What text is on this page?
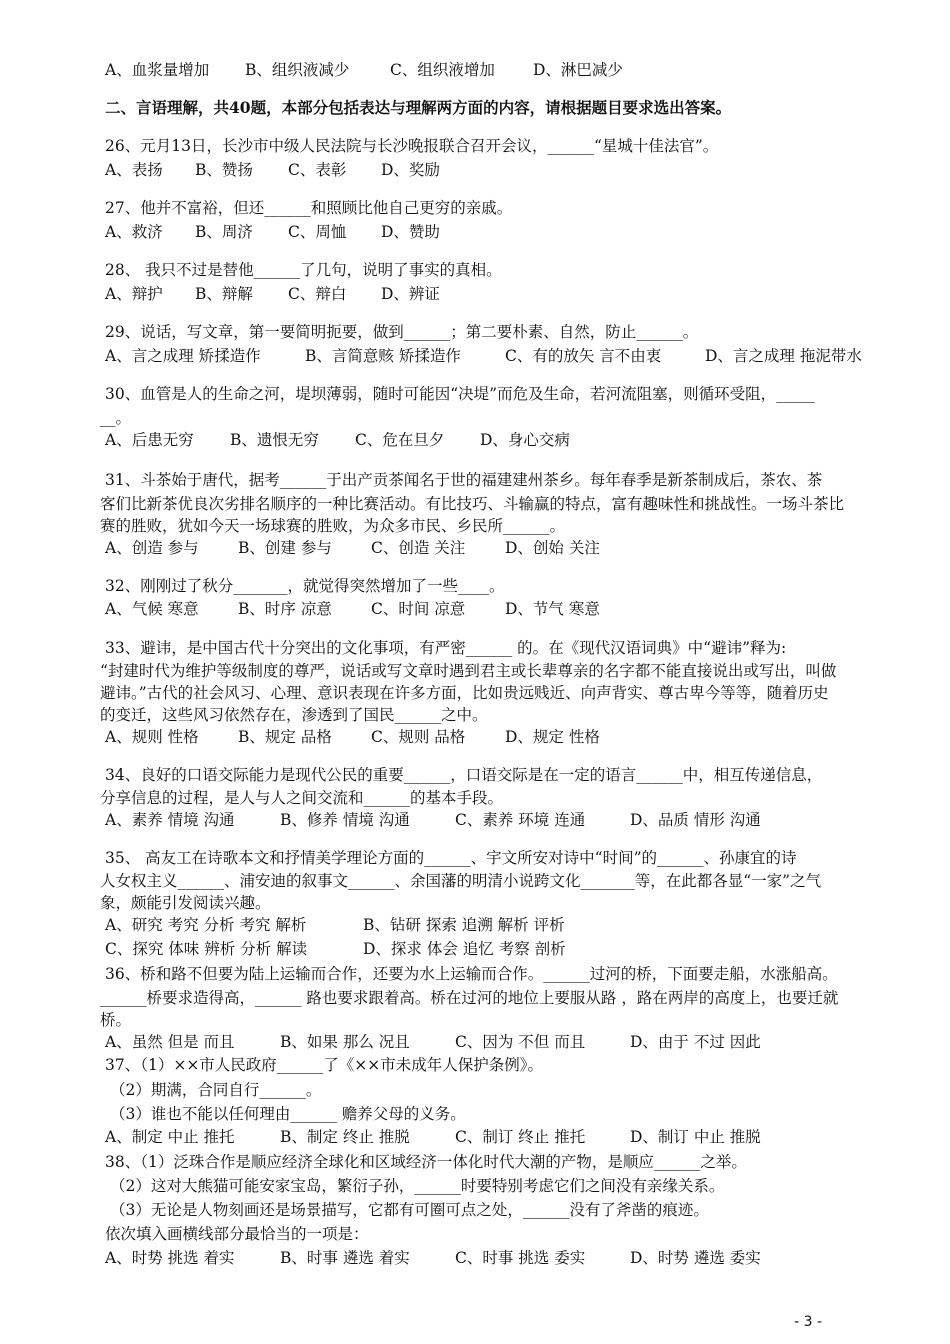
A、血浆量增加 B、组织液减少	C、组织液增加 D、淋巴减少
二、言语理解，共40题，本部分包括表达与理解两方面的内容，请根据题目要求选出答案。
26、元月13日，长沙市中级人民法院与长沙晚报联合召开会议，______“星城十佳法官”。
A、表扬 B、赞扬 C、表彰 D、奖励
27、他并不富裕，但还______和照顾比他自己更穷的亲戚。
A、救济 B、周济 C、周恤 D、赞助
28、 我只不过是替他______了几句，说明了事实的真相。
A、辩护 B、辩解 C、辩白 D、辨证
29、说话，写文章，第一要简明扼要，做到______；第二要朴素、自然，防止______。
A、言之成理 矫揉造作	B、言简意赅 矫揉造作	C、有的放矢 言不由衷	D、言之成理 拖泥带水
30、血管是人的生命之河，堤坝薄弱，随时可能因“决堤”而危及生命，若河流阻塞，则循环受阻，_____
__。
A、后患无穷 B、遗恨无穷 C、危在旦夕 D、身心交病
31、斗茶始于唐代，据考______于出产贡茶闻名于世的福建建州茶乡。每年春季是新茶制成后，茶农、茶
客们比新茶优良次劣排名顺序的一种比赛活动。有比技巧、斗输赢的特点，富有趣味性和挑战性。一场斗茶比
赛的胜败，犹如今天一场球赛的胜败，为众多市民、乡民所______。
A、创造 参与	B、创建 参与	C、创造 关注	D、创始 关注
32、刚刚过了秋分_______，就觉得突然增加了一些____。
A、气候 寒意	B、时序 凉意	C、时间 凉意	D、节气 寒意
33、避讳，是中国古代十分突出的文化事项，有严密______ 的。在《现代汉语词典》中“避讳”释为:
“封建时代为维护等级制度的尊严，说话或写文章时遇到君主或长辈尊亲的名字都不能直接说出或写出，叫做
避讳。”古代的社会风习、心理、意识表现在许多方面，比如贵远贱近、向声背实、尊古卑今等等，随着历史
的变迁，这些风习依然存在，渗透到了国民______之中。
A、规则 性格	B、规定 品格	C、规则 品格	D、规定 性格
34、良好的口语交际能力是现代公民的重要______，口语交际是在一定的语言______中，相互传递信息，
分享信息的过程，是人与人之间交流和______的基本手段。
A、素养 情境 沟通	B、修养 情境 沟通	C、素养 环境 连通	D、品质 情形 沟通
35、 高友工在诗歌本文和抒情美学理论方面的______、宇文所安对诗中“时间”的______、孙康宜的诗
人女权主义______、浦安迪的叙事文______、余国藩的明清小说跨文化_______等，在此都各显“一家”之气
象，颇能引发阅读兴趣。
A、研究 考究 分析 考究 解析	B、钻研 探索 追溯 解析 评析
C、探究 体味 辨析 分析 解读	D、探求 体会 追忆 考察 剖析
36、桥和路不但要为陆上运输而合作，还要为水上运输而合作。______过河的桥，下面要走船，水涨船高。
______桥要求造得高，______ 路也要求跟着高。桥在过河的地位上要服从路 ，路在两岸的高度上，也要迁就
桥。
A、虽然 但是 而且	B、如果 那么 况且	C、因为 不但 而且	D、由于 不过 因此
37、（1）××市人民政府______了《××市未成年人保护条例》。
（2）期满，合同自行______。
（3）谁也不能以任何理由______ 赡养父母的义务。
A、制定 中止 推托	B、制定 终止 推脱	C、制订 终止 推托	D、制订 中止 推脱
38、（1）泛珠合作是顺应经济全球化和区域经济一体化时代大潮的产物，是顺应______之举。
（2）这对大熊猫可能安家宝岛，繁衍子孙，______时要特别考虑它们之间没有亲缘关系。
（3）无论是人物刻画还是场景描写，它都有可圈可点之处，______没有了斧凿的痕迹。
依次填入画横线部分最恰当的一项是：
A、时势 挑选 着实	B、时事 遴选 着实	C、时事 挑选 委实	D、时势 遴选 委实
- 3 -
